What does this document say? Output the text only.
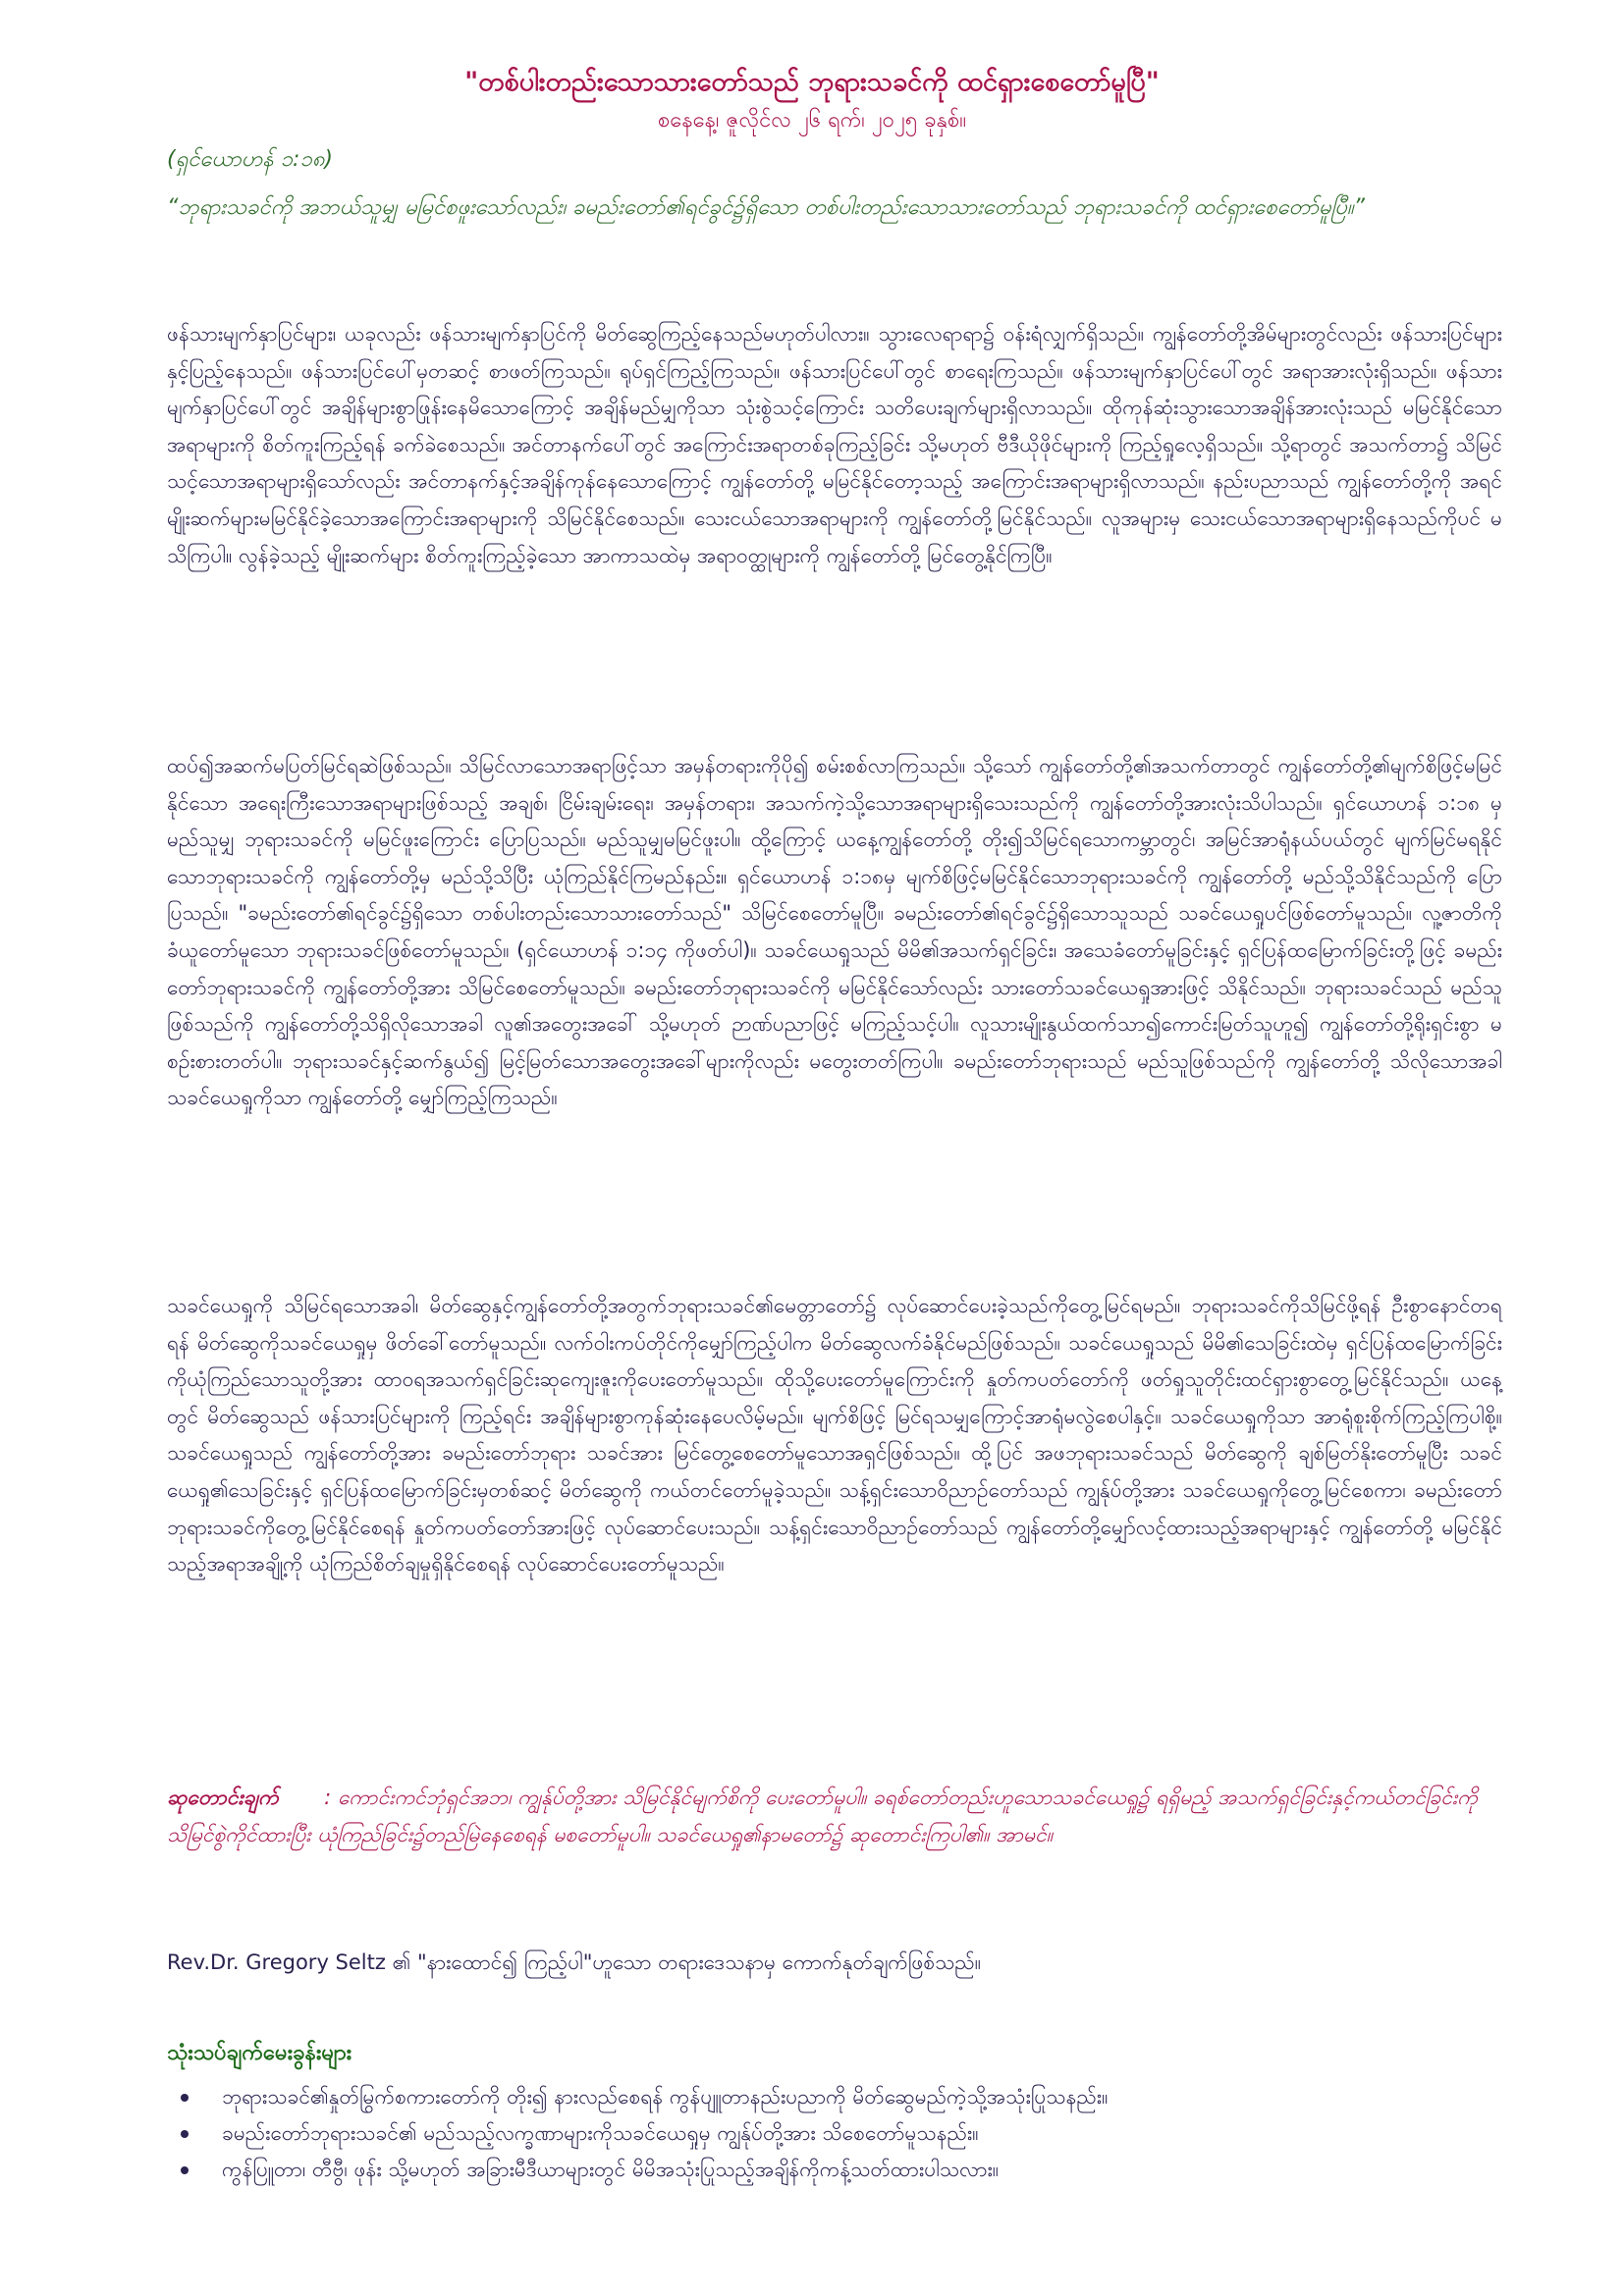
"တစ်ပါးတည်းသောသားတော်သည် ဘုရားသခင်ကို ထင်ရှားစေတော်မူပြီ"
စနေနေ့၊ ဇူလိုင်လ ၂၆ ရက်၊ ၂၀၂၅ ခုနှစ်။
(ရှင်ယောဟန် ၁:၁၈)
“ဘုရားသခင်ကို အဘယ်သူမျှ မမြင်စဖူးသော်လည်း၊ ခမည်းတော်၏ရင်ခွင်၌ရှိသော တစ်ပါးတည်းသောသားတော်သည် ဘုရားသခင်ကို ထင်ရှားစေတော်မူပြီ။”
ဖန်သားမျက်နှာပြင်များ၊ ယခုလည်း ဖန်သားမျက်နှာပြင်ကို မိတ်ဆွေကြည့်နေသည်မဟုတ်ပါလား။ သွားလေရာရာ၌ ဝန်းရံလျှက်ရှိသည်။ ကျွန်တော်တို့အိမ်များတွင်လည်း ဖန်သားပြင်များနှင့်ပြည့်နေသည်။ ဖန်သားပြင်ပေါ်မှတဆင့် စာဖတ်ကြသည်။ ရုပ်ရှင်ကြည့်ကြသည်။ ဖန်သားပြင်ပေါ်တွင် စာရေးကြသည်။ ဖန်သားမျက်နှာပြင်ပေါ်တွင် အရာအားလုံးရှိသည်။ ဖန်သားမျက်နှာပြင်ပေါ်တွင် အချိန်များစွာဖြုန်းနေမိသောကြောင့် အချိန်မည်မျှကိုသာ သုံးစွဲသင့်ကြောင်း သတိပေးချက်များရှိလာသည်။ ထိုကုန်ဆုံးသွားသောအချိန်အားလုံးသည် မမြင်နိုင်သော အရာများကို စိတ်ကူးကြည့်ရန် ခက်ခဲစေသည်။ အင်တာနက်ပေါ်တွင် အကြောင်းအရာတစ်ခုကြည့်ခြင်း သို့မဟုတ် ဗီဒီယိုဖိုင်များကို ကြည့်ရှုလေ့ရှိသည်။ သို့ရာတွင် အသက်တာ၌ သိမြင်သင့်သောအရာများရှိသော်လည်း အင်တာနက်နှင့်အချိန်ကုန်နေသောကြောင့် ကျွန်တော်တို့ မမြင်နိုင်တော့သည့် အကြောင်းအရာများရှိလာသည်။ နည်းပညာသည် ကျွန်တော်တို့ကို အရင်မျိုးဆက်များမမြင်နိုင်ခဲ့သောအကြောင်းအရာများကို သိမြင်နိုင်စေသည်။ သေးငယ်သောအရာများကို ကျွန်တော်တို့မြင်နိုင်သည်။ လူအများမှ သေးငယ်သောအရာများရှိနေသည်ကိုပင် မသိကြပါ။ လွန်ခဲ့သည့် မျိုးဆက်များ စိတ်ကူးကြည့်ခဲ့သော အာကာသထဲမှ အရာဝတ္ထုများကို ကျွန်တော်တို့ မြင်တွေ့နိုင်ကြပြီ။
ထပ်၍အဆက်မပြတ်မြင်ရဆဲဖြစ်သည်။ သိမြင်လာသောအရာဖြင့်သာ အမှန်တရားကိုပို၍ စမ်းစစ်လာကြသည်။ သို့သော် ကျွန်တော်တို့၏အသက်တာတွင် ကျွန်တော်တို့၏မျက်စိဖြင့်မမြင်နိုင်သော အရေးကြီးသောအရာများဖြစ်သည့် အချစ်၊ ငြိမ်းချမ်းရေး၊ အမှန်တရား၊ အသက်ကဲ့သို့သောအရာများရှိသေးသည်ကို ကျွန်တော်တို့အားလုံးသိပါသည်။ ရှင်ယောဟန် ၁:၁၈ မှ မည်သူမျှ ဘုရားသခင်ကို မမြင်ဖူးကြောင်း ပြောပြသည်။ မည်သူမျှမမြင်ဖူးပါ။ ထို့ကြောင့် ယနေ့ကျွန်တော်တို့ တိုး၍သိမြင်ရသောကမ္ဘာတွင်၊ အမြင်အာရုံနယ်ပယ်တွင် မျက်မြင်မရနိုင်သောဘုရားသခင်ကို ကျွန်တော်တို့မှ မည်သို့သိပြီး ယုံကြည်နိုင်ကြမည်နည်း။ ရှင်ယောဟန် ၁:၁၈မှ မျက်စိဖြင့်မမြင်နိုင်သောဘုရားသခင်ကို ကျွန်တော်တို့ မည်သို့သိနိုင်သည်ကို ပြောပြသည်။ "ခမည်းတော်၏ရင်ခွင်၌ရှိသော တစ်ပါးတည်းသောသားတော်သည်" သိမြင်စေတော်မူပြီ။ ခမည်းတော်၏ရင်ခွင်၌ရှိသောသူသည် သခင်ယေရှုပင်ဖြစ်တော်မူသည်။ လူ့ဇာတိကိုခံယူတော်မူသော ဘုရားသခင်ဖြစ်တော်မူသည်။ (ရှင်ယောဟန် ၁:၁၄ ကိုဖတ်ပါ)။ သခင်ယေရှုသည် မိမိ၏အသက်ရှင်ခြင်း၊ အသေခံတော်မူခြင်းနှင့် ရှင်ပြန်ထမြောက်ခြင်းတို့ဖြင့် ခမည်းတော်ဘုရားသခင်ကို ကျွန်တော်တို့အား သိမြင်စေတော်မူသည်။ ခမည်းတော်ဘုရားသခင်ကို မမြင်နိုင်သော်လည်း သားတော်သခင်ယေရှုအားဖြင့် သိနိုင်သည်။ ဘုရားသခင်သည် မည်သူဖြစ်သည်ကို ကျွန်တော်တို့သိရှိလိုသောအခါ လူ၏အတွေးအခေါ် သို့မဟုတ် ဉာဏ်ပညာဖြင့် မကြည့်သင့်ပါ။ လူသားမျိုးနွယ်ထက်သာ၍ကောင်းမြတ်သူဟူ၍ ကျွန်တော်တို့ရိုးရှင်းစွာ မစဉ်းစားတတ်ပါ။ ဘုရားသခင်နှင့်ဆက်နွယ်၍ မြင့်မြတ်သောအတွေးအခေါ်များကိုလည်း မတွေးတတ်ကြပါ။ ခမည်းတော်ဘုရားသည် မည်သူဖြစ်သည်ကို ကျွန်တော်တို့ သိလိုသောအခါ သခင်ယေရှုကိုသာ ကျွန်တော်တို့ မျှော်ကြည့်ကြသည်။
သခင်ယေရှုကို သိမြင်ရသောအခါ၊ မိတ်ဆွေနှင့်ကျွန်တော်တို့အတွက်ဘုရားသခင်၏မေတ္တာတော်၌ လုပ်ဆောင်ပေးခဲ့သည်ကိုတွေ့မြင်ရမည်။ ဘုရားသခင်ကိုသိမြင်ဖို့ရန် ဦးစွာနောင်တရရန် မိတ်ဆွေကိုသခင်ယေရှုမှ ဖိတ်ခေါ်တော်မူသည်။ လက်ဝါးကပ်တိုင်ကိုမျှော်ကြည့်ပါက မိတ်ဆွေလက်ခံနိုင်မည်ဖြစ်သည်။ သခင်ယေရှုသည် မိမိ၏သေခြင်းထဲမှ ရှင်ပြန်ထမြောက်ခြင်းကိုယုံကြည်သောသူတို့အား ထာဝရအသက်ရှင်ခြင်းဆုကျေးဇူးကိုပေးတော်မူသည်။ ထိုသို့ပေးတော်မူကြောင်းကို နှုတ်ကပတ်တော်ကို ဖတ်ရှုသူတိုင်းထင်ရှားစွာတွေ့မြင်နိုင်သည်။ ယနေ့တွင် မိတ်ဆွေသည် ဖန်သားပြင်များကို ကြည့်ရင်း အချိန်များစွာကုန်ဆုံးနေပေလိမ့်မည်။ မျက်စိဖြင့် မြင်ရသမျှကြောင့်အာရုံမလွဲစေပါနှင့်။ သခင်ယေရှုကိုသာ အာရုံစူးစိုက်ကြည့်ကြပါစို့။ သခင်ယေရှုသည် ကျွန်တော်တို့အား ခမည်းတော်ဘုရား သခင်အား မြင်တွေ့စေတော်မူသောအရှင်ဖြစ်သည်။ ထို့ပြင် အဖဘုရားသခင်သည် မိတ်ဆွေကို ချစ်မြတ်နိုးတော်မူပြီး သခင်ယေရှု၏သေခြင်းနှင့် ရှင်ပြန်ထမြောက်ခြင်းမှတစ်ဆင့် မိတ်ဆွေကို ကယ်တင်တော်မူခဲ့သည်။ သန့်ရှင်းသောဝိညာဉ်တော်သည် ကျွန်ုပ်တို့အား သခင်ယေရှုကိုတွေ့မြင်စေကာ၊ ခမည်းတော်ဘုရားသခင်ကိုတွေ့မြင်နိုင်စေရန် နှုတ်ကပတ်တော်အားဖြင့် လုပ်ဆောင်ပေးသည်။ သန့်ရှင်းသောဝိညာဉ်တော်သည် ကျွန်တော်တို့မျှော်လင့်ထားသည့်အရာများနှင့် ကျွန်တော်တို့ မမြင်နိုင်သည့်အရာအချို့ကို ယုံကြည်စိတ်ချမှုရှိနိုင်စေရန် လုပ်ဆောင်ပေးတော်မူသည်။
ဆုတောင်းချက် : ကောင်းကင်ဘုံရှင်အဘ၊ ကျွန်ုပ်တို့အား သိမြင်နိုင်မျက်စိကို ပေးတော်မူပါ။ ခရစ်တော်တည်းဟူသောသခင်ယေရှု၌ ရရှိမည့် အသက်ရှင်ခြင်းနှင့်ကယ်တင်ခြင်းကို သိမြင်စွဲကိုင်ထားပြီး ယုံကြည်ခြင်း၌တည်မြဲနေစေရန် မစတော်မူပါ။ သခင်ယေရှု၏နာမတော်၌ ဆုတောင်းကြပါ၏။ အာမင်။
Rev.Dr. Gregory Seltz ၏ "နားထောင်၍ ကြည့်ပါ"ဟူသော တရားဒေသနာမှ ကောက်နုတ်ချက်ဖြစ်သည်။
သုံးသပ်ချက်မေးခွန်းများ
ဘုရားသခင်၏နှုတ်မြွက်စကားတော်ကို တိုး၍ နားလည်စေရန် ကွန်ပျူတာနည်းပညာကို မိတ်ဆွေမည်ကဲ့သို့အသုံးပြုသနည်း။
ခမည်းတော်ဘုရားသခင်၏ မည်သည့်လက္ခဏာများကိုသခင်ယေရှုမှ ကျွန်ုပ်တို့အား သိစေတော်မူသနည်း။
ကွန်ပြူတာ၊ တီဗွီ၊ ဖုန်း သို့မဟုတ် အခြားမီဒီယာများတွင် မိမိအသုံးပြုသည့်အချိန်ကိုကန့်သတ်ထားပါသလား။
